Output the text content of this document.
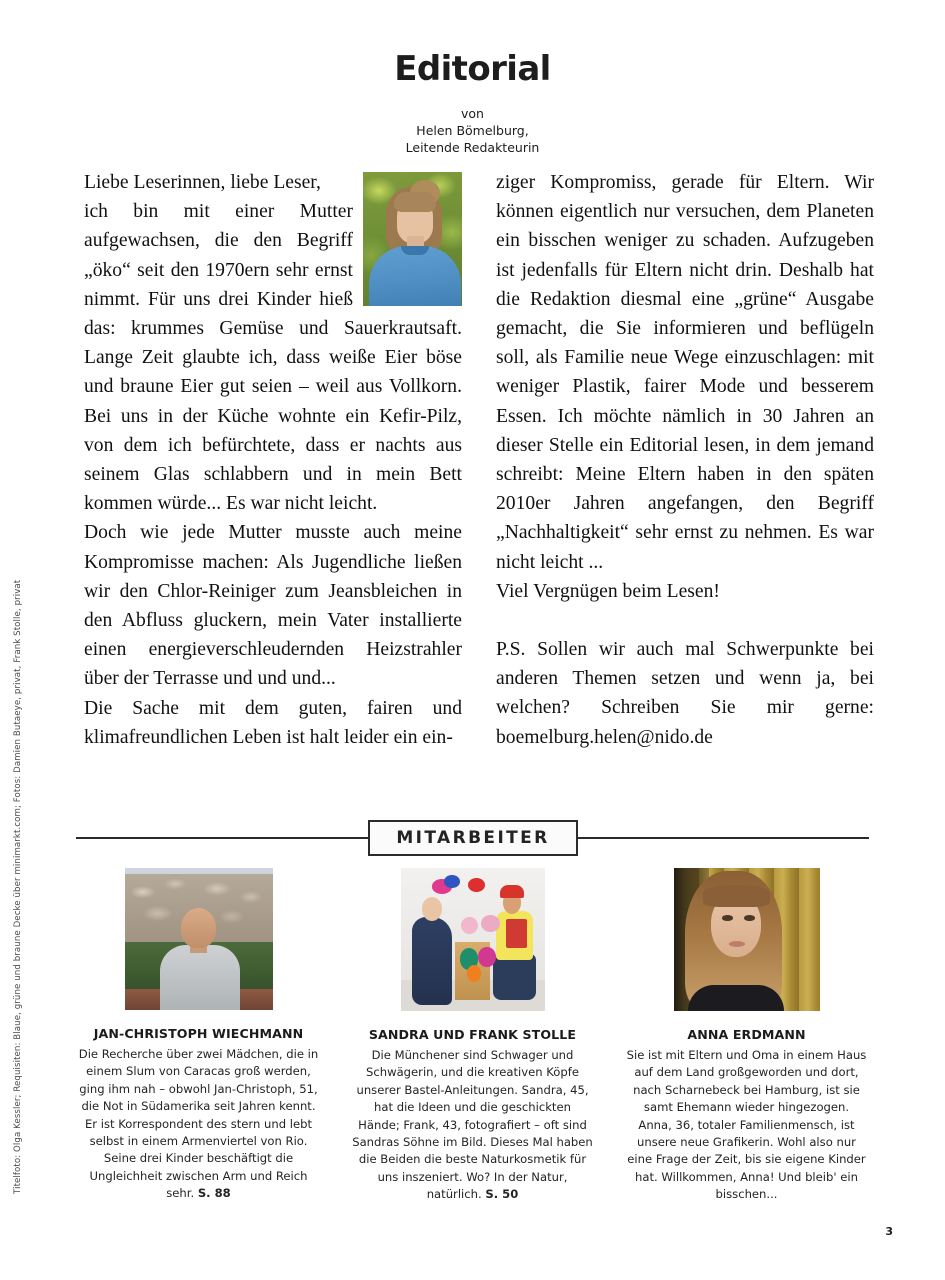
Editorial

von

Helen Bömelburg,

Leitende Redakteurin

Liebe Leserinnen, liebe Leser,

ich bin mit einer Mutter aufgewachsen, die den Begriff „öko“ seit den 1970ern sehr ernst nimmt. Für uns drei Kinder hieß das: krummes Gemüse und Sauerkrautsaft. Lange Zeit glaubte ich, dass weiße Eier böse und braune Eier gut seien – weil aus Vollkorn. Bei uns in der Küche wohnte ein Kefir-Pilz, von dem ich befürchtete, dass er nachts aus seinem Glas schlabbern und in mein Bett kommen würde... Es war nicht leicht.

Doch wie jede Mutter musste auch meine Kompromisse machen: Als Jugendliche ließen wir den Chlor-Reiniger zum Jeansbleichen in den Abfluss gluckern, mein Vater installierte einen energieverschleudernden Heizstrahler über der Terrasse und und und...

Die Sache mit dem guten, fairen und klimafreundlichen Leben ist halt leider ein ein-

ziger Kompromiss, gerade für Eltern. Wir können eigentlich nur versuchen, dem Planeten ein bisschen weniger zu schaden. Aufzugeben ist jedenfalls für Eltern nicht drin. Deshalb hat die Redaktion diesmal eine „grüne“ Ausgabe gemacht, die Sie informieren und beflügeln soll, als Familie neue Wege einzuschlagen: mit weniger Plastik, fairer Mode und besserem Essen. Ich möchte nämlich in 30 Jahren an dieser Stelle ein Editorial lesen, in dem jemand schreibt: Meine Eltern haben in den späten 2010er Jahren angefangen, den Begriff „Nachhaltigkeit“ sehr ernst zu nehmen. Es war nicht leicht ...

Viel Vergnügen beim Lesen!

P.S. Sollen wir auch mal Schwerpunkte bei anderen Themen setzen und wenn ja, bei welchen? Schreiben Sie mir gerne: boemelburg.helen@nido.de

MITARBEITER
JAN-CHRISTOPH WIECHMANN
Die Recherche über zwei Mädchen, die in einem Slum von Caracas groß werden, ging ihm nah – obwohl Jan-Christoph, 51, die Not in Südamerika seit Jahren kennt. Er ist Korrespondent des stern und lebt selbst in einem Armenviertel von Rio. Seine drei Kinder beschäftigt die Ungleichheit zwischen Arm und Reich sehr. S. 88
SANDRA UND FRANK STOLLE
Die Münchener sind Schwager und Schwägerin, und die kreativen Köpfe unserer Bastel-Anleitungen. Sandra, 45, hat die Ideen und die geschickten Hände; Frank, 43, fotografiert – oft sind Sandras Söhne im Bild. Dieses Mal haben die Beiden die beste Naturkosmetik für uns inszeniert. Wo? In der Natur, natürlich. S. 50
ANNA ERDMANN
Sie ist mit Eltern und Oma in einem Haus auf dem Land großgeworden und dort, nach Scharnebeck bei Hamburg, ist sie samt Ehemann wieder hingezogen. Anna, 36, totaler Familienmensch, ist unsere neue Grafikerin. Wohl also nur eine Frage der Zeit, bis sie eigene Kinder hat. Willkommen, Anna! Und bleib' ein bisschen...
Titelfoto: Olga Kessler; Requisiten: Blaue, grüne und braune Decke über minimarkt.com; Fotos: Damien Butaeye, privat, Frank Stolle, privat
3
